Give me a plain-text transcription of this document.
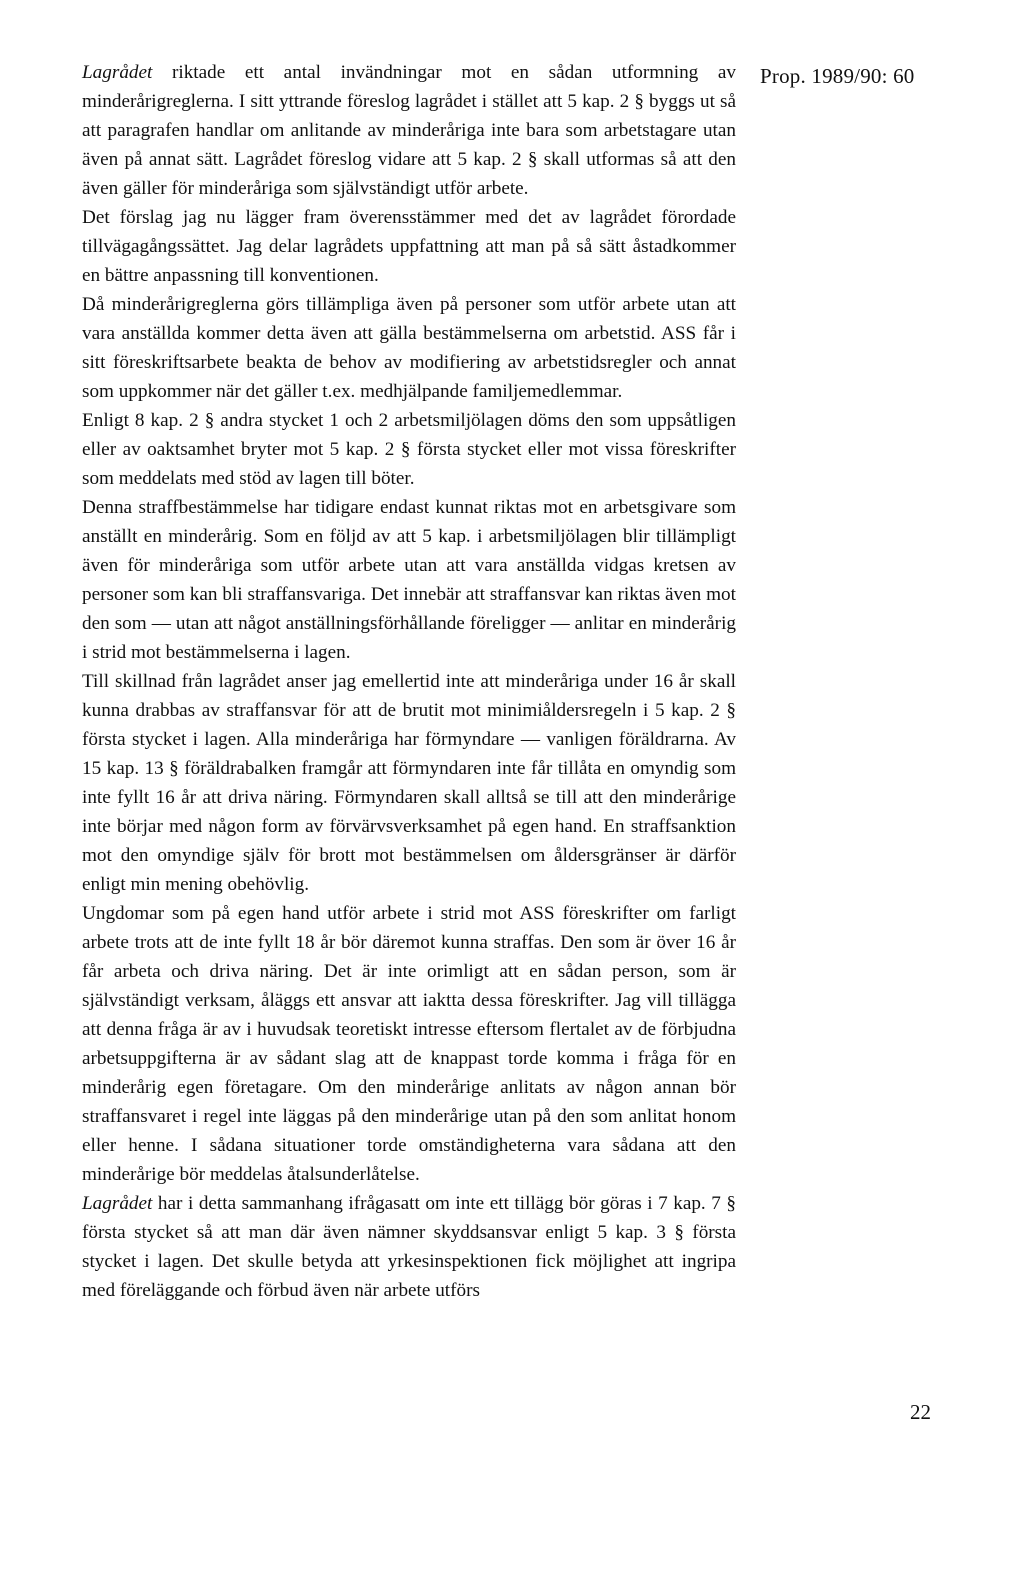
Prop. 1989/90: 60

Lagrådet riktade ett antal invändningar mot en sådan utformning av minderårigreglerna. I sitt yttrande föreslog lagrådet i stället att 5 kap. 2 § byggs ut så att paragrafen handlar om anlitande av minderåriga inte bara som arbetstagare utan även på annat sätt. Lagrådet föreslog vidare att 5 kap. 2 § skall utformas så att den även gäller för minderåriga som självständigt utför arbete.

Det förslag jag nu lägger fram överensstämmer med det av lagrådet förordade tillvägagångssättet. Jag delar lagrådets uppfattning att man på så sätt åstadkommer en bättre anpassning till konventionen.

Då minderårigreglerna görs tillämpliga även på personer som utför arbete utan att vara anställda kommer detta även att gälla bestämmelserna om arbetstid. ASS får i sitt föreskriftsarbete beakta de behov av modifiering av arbetstidsregler och annat som uppkommer när det gäller t.ex. medhjälpande familjemedlemmar.

Enligt 8 kap. 2 § andra stycket 1 och 2 arbetsmiljölagen döms den som uppsåtligen eller av oaktsamhet bryter mot 5 kap. 2 § första stycket eller mot vissa föreskrifter som meddelats med stöd av lagen till böter.

Denna straffbestämmelse har tidigare endast kunnat riktas mot en arbetsgivare som anställt en minderårig. Som en följd av att 5 kap. i arbetsmiljölagen blir tillämpligt även för minderåriga som utför arbete utan att vara anställda vidgas kretsen av personer som kan bli straffansvariga. Det innebär att straffansvar kan riktas även mot den som — utan att något anställningsförhållande föreligger — anlitar en minderårig i strid mot bestämmelserna i lagen.

Till skillnad från lagrådet anser jag emellertid inte att minderåriga under 16 år skall kunna drabbas av straffansvar för att de brutit mot minimiåldersregeln i 5 kap. 2 § första stycket i lagen. Alla minderåriga har förmyndare — vanligen föräldrarna. Av 15 kap. 13 § föräldrabalken framgår att förmyndaren inte får tillåta en omyndig som inte fyllt 16 år att driva näring. Förmyndaren skall alltså se till att den minderårige inte börjar med någon form av förvärvsverksamhet på egen hand. En straffsanktion mot den omyndige själv för brott mot bestämmelsen om åldersgränser är därför enligt min mening obehövlig.

Ungdomar som på egen hand utför arbete i strid mot ASS föreskrifter om farligt arbete trots att de inte fyllt 18 år bör däremot kunna straffas. Den som är över 16 år får arbeta och driva näring. Det är inte orimligt att en sådan person, som är självständigt verksam, åläggs ett ansvar att iaktta dessa föreskrifter. Jag vill tillägga att denna fråga är av i huvudsak teoretiskt intresse eftersom flertalet av de förbjudna arbetsuppgifterna är av sådant slag att de knappast torde komma i fråga för en minderårig egen företagare. Om den minderårige anlitats av någon annan bör straffansvaret i regel inte läggas på den minderårige utan på den som anlitat honom eller henne. I sådana situationer torde omständigheterna vara sådana att den minderårige bör meddelas åtalsunderlåtelse.

Lagrådet har i detta sammanhang ifrågasatt om inte ett tillägg bör göras i 7 kap. 7 § första stycket så att man där även nämner skyddsansvar enligt 5 kap. 3 § första stycket i lagen. Det skulle betyda att yrkesinspektionen fick möjlighet att ingripa med föreläggande och förbud även när arbete utförs

22
